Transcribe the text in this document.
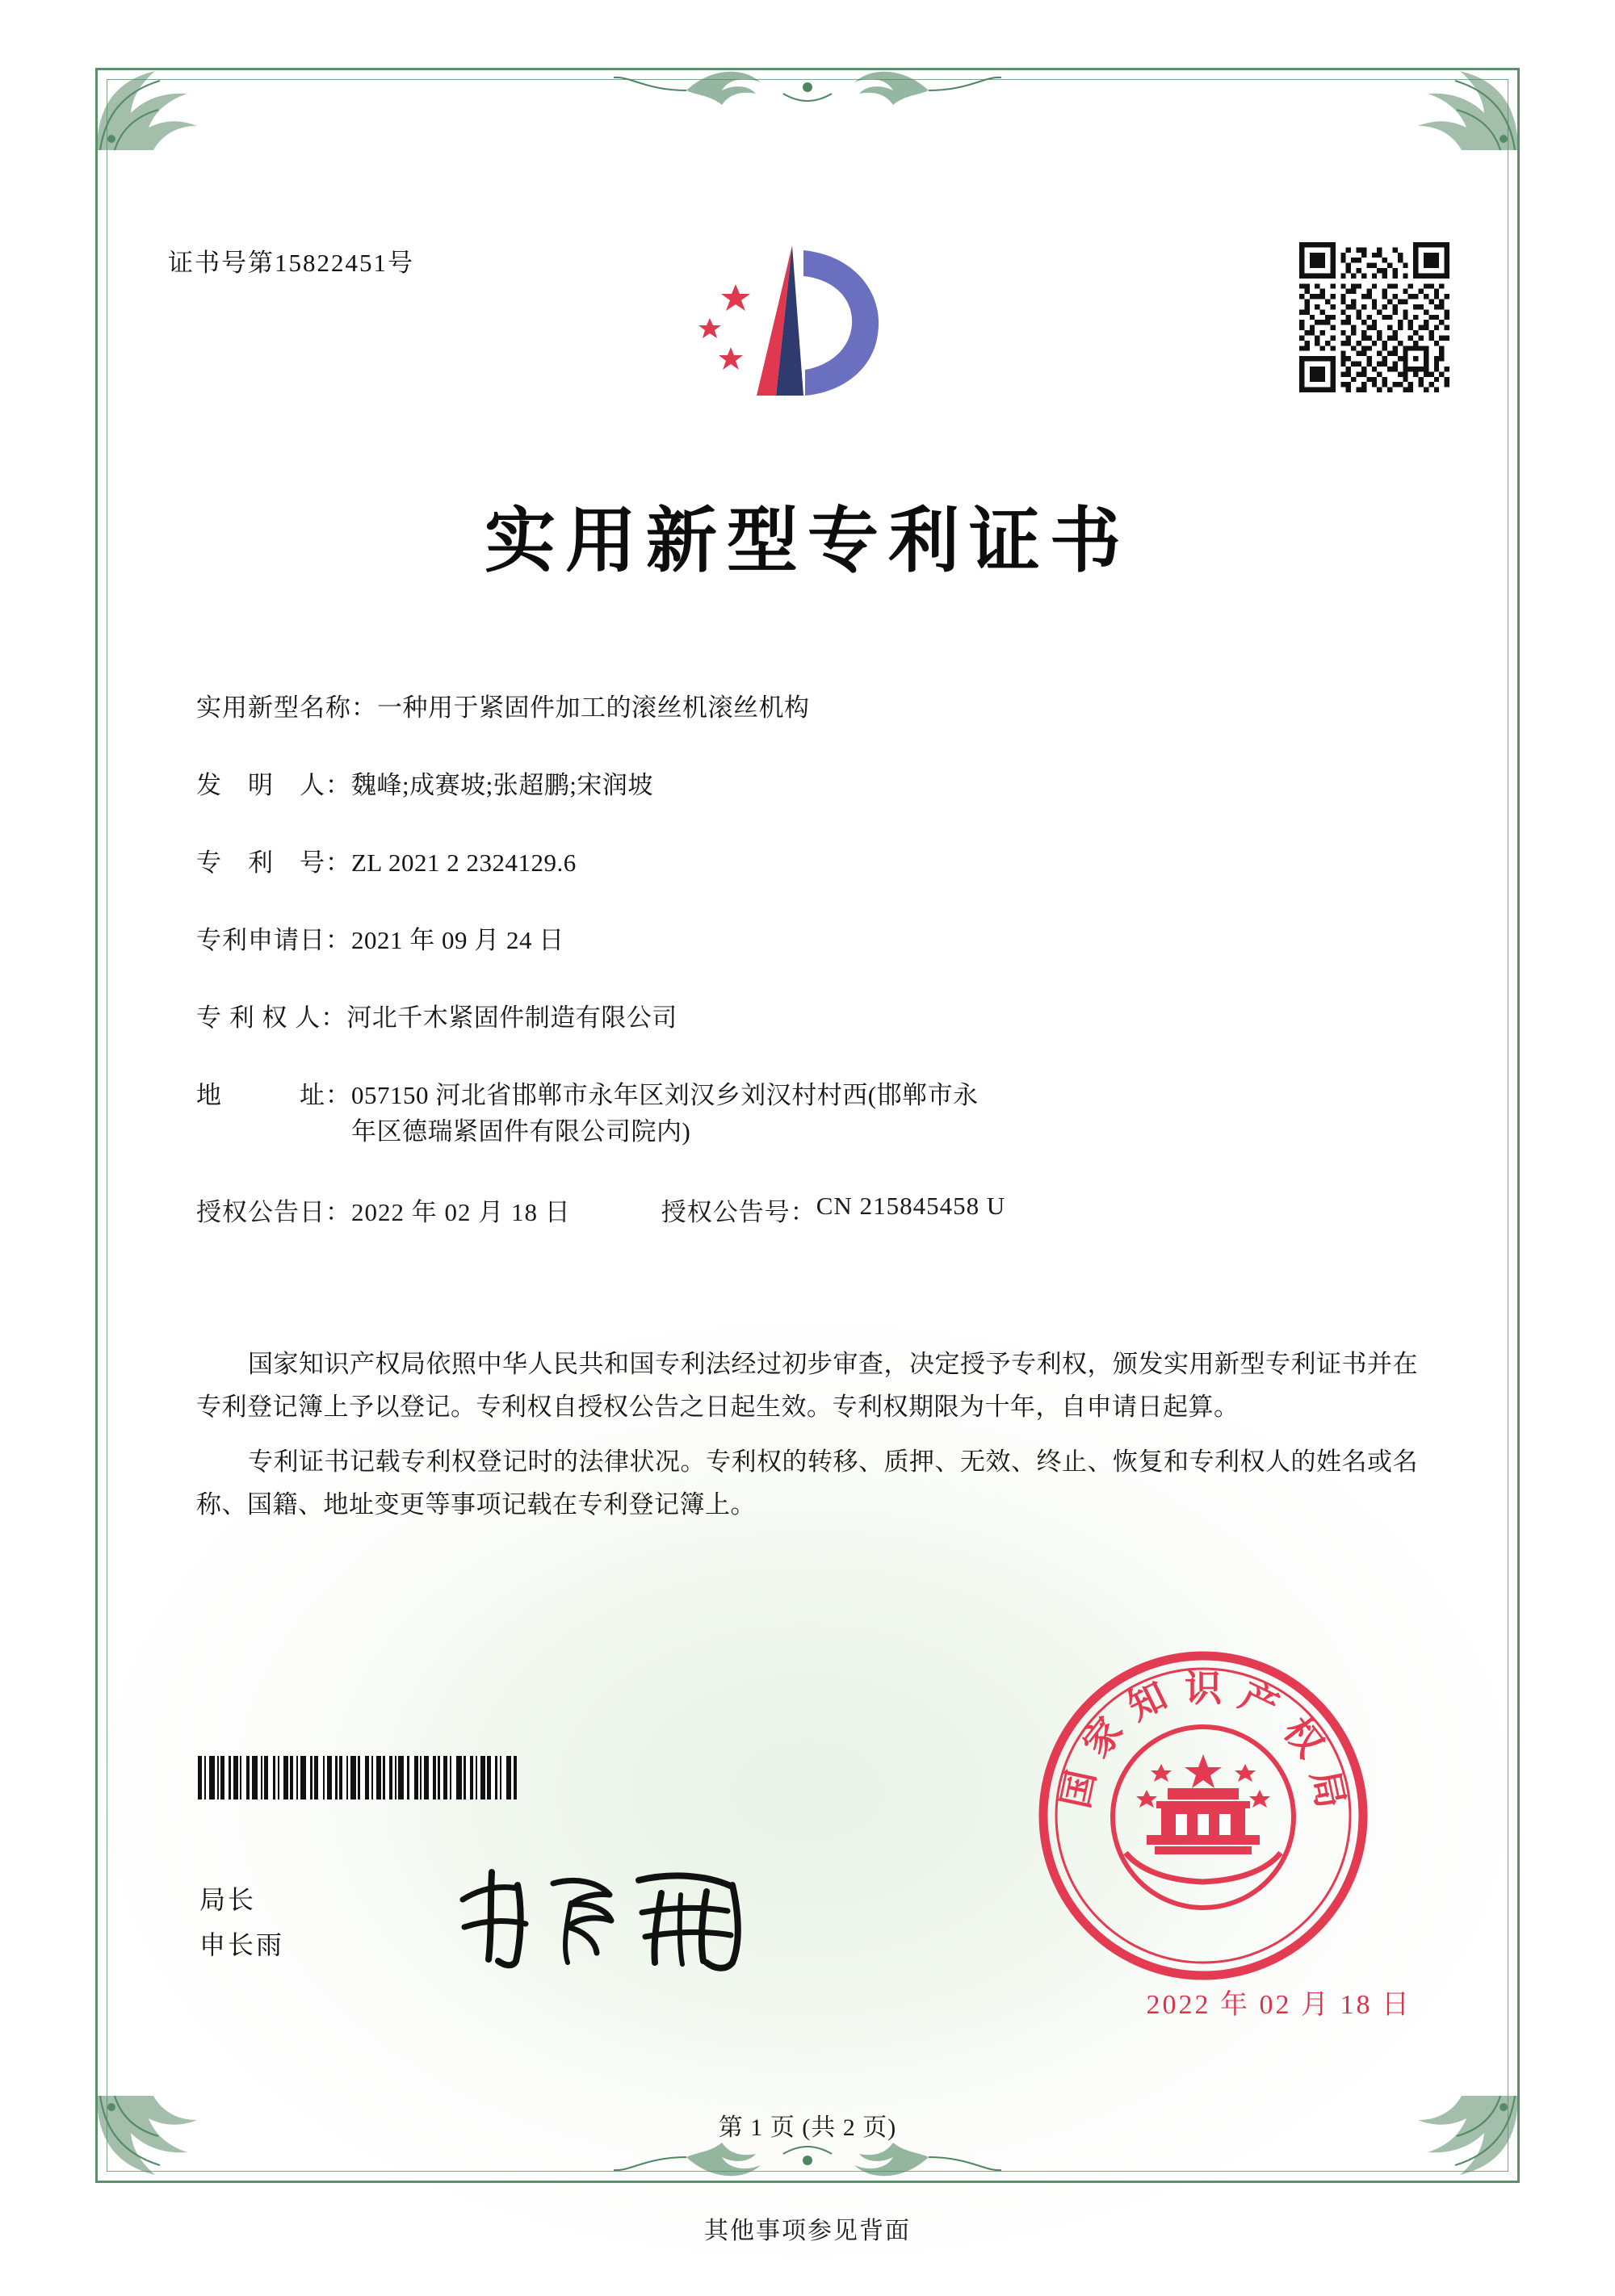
证书号第15822451号
实用新型专利证书
实用新型名称： 一种用于紧固件加工的滚丝机滚丝机构
发　明　人： 魏峰;成赛坡;张超鹏;宋润坡
专　利　号： ZL 2021 2 2324129.6
专利申请日： 2021 年 09 月 24 日
专 利 权 人： 河北千木紧固件制造有限公司
地　　　址： 057150 河北省邯郸市永年区刘汉乡刘汉村村西(邯郸市永
年区德瑞紧固件有限公司院内)
授权公告日： 2022 年 02 月 18 日	授权公告号： CN 215845458 U

国家知识产权局依照中华人民共和国专利法经过初步审查，决定授予专利权，颁发实用新型专利证书并在专利登记簿上予以登记。专利权自授权公告之日起生效。专利权期限为十年，自申请日起算。

专利证书记载专利权登记时的法律状况。专利权的转移、质押、无效、终止、恢复和专利权人的姓名或名称、国籍、地址变更等事项记载在专利登记簿上。

局长
申长雨
国
家
知 识 产
权
局
2022 年 02 月 18 日
第 1 页 (共 2 页)
其他事项参见背面
